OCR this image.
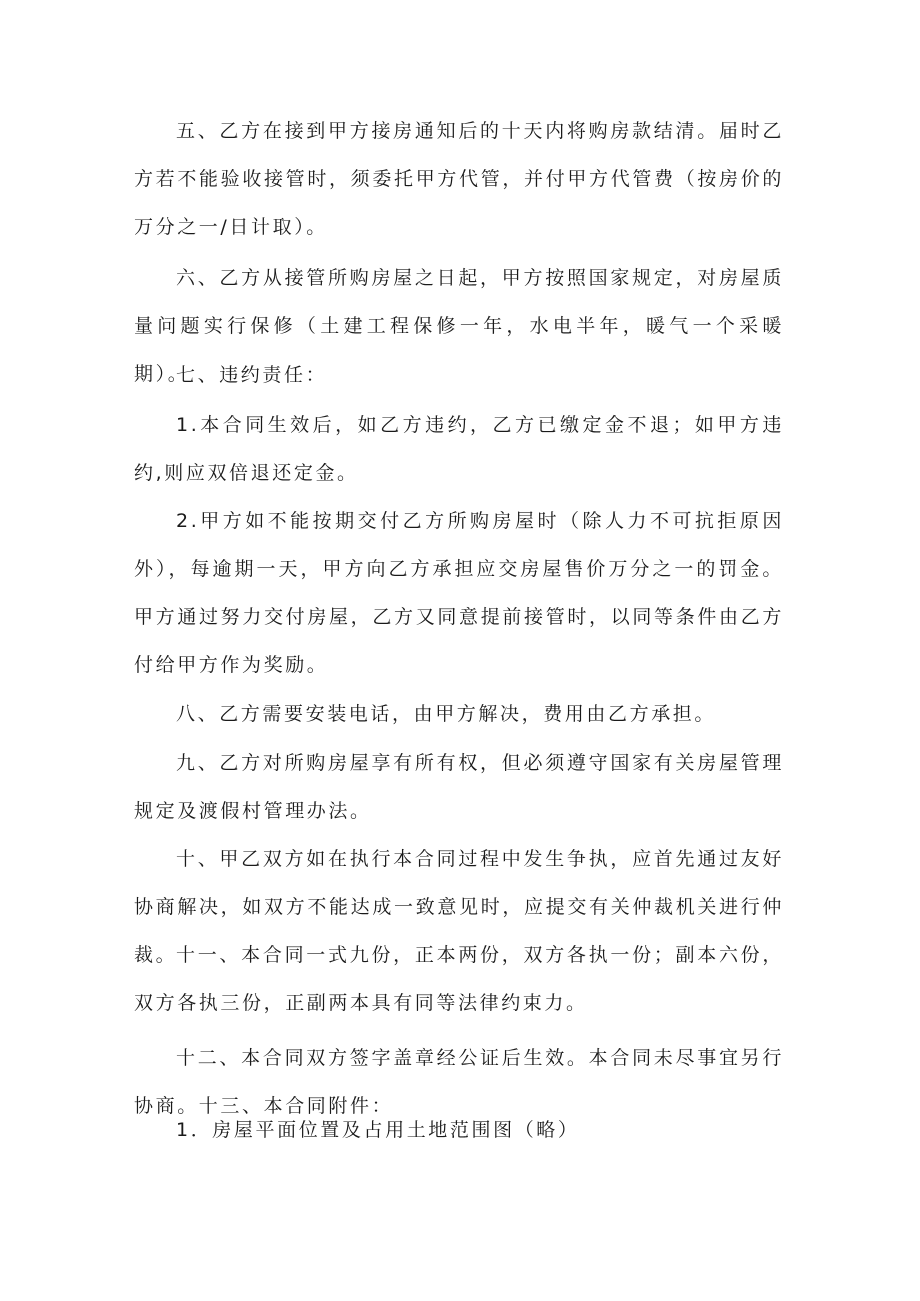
五、乙方在接到甲方接房通知后的十天内将购房款结清。届时乙方若不能验收接管时，须委托甲方代管，并付甲方代管费（按房价的万分之一/日计取）。

六、乙方从接管所购房屋之日起，甲方按照国家规定，对房屋质量问题实行保修（土建工程保修一年，水电半年，暖气一个采暖期）。

七、违约责任：

1.本合同生效后，如乙方违约，乙方已缴定金不退；如甲方违约,则应双倍退还定金。

2.甲方如不能按期交付乙方所购房屋时（除人力不可抗拒原因外），每逾期一天，甲方向乙方承担应交房屋售价万分之一的罚金。甲方通过努力交付房屋，乙方又同意提前接管时，以同等条件由乙方付给甲方作为奖励。

八、乙方需要安装电话，由甲方解决，费用由乙方承担。

九、乙方对所购房屋享有所有权，但必须遵守国家有关房屋管理规定及渡假村管理办法。

十、甲乙双方如在执行本合同过程中发生争执，应首先通过友好协商解决，如双方不能达成一致意见时，应提交有关仲裁机关进行仲裁。

十一、本合同一式九份，正本两份，双方各执一份；副本六份，双方各执三份，正副两本具有同等法律约束力。

十二、本合同双方签字盖章经公证后生效。本合同未尽事宜另行协商。十三、本合同附件：

1．房屋平面位置及占用土地范围图（略）
